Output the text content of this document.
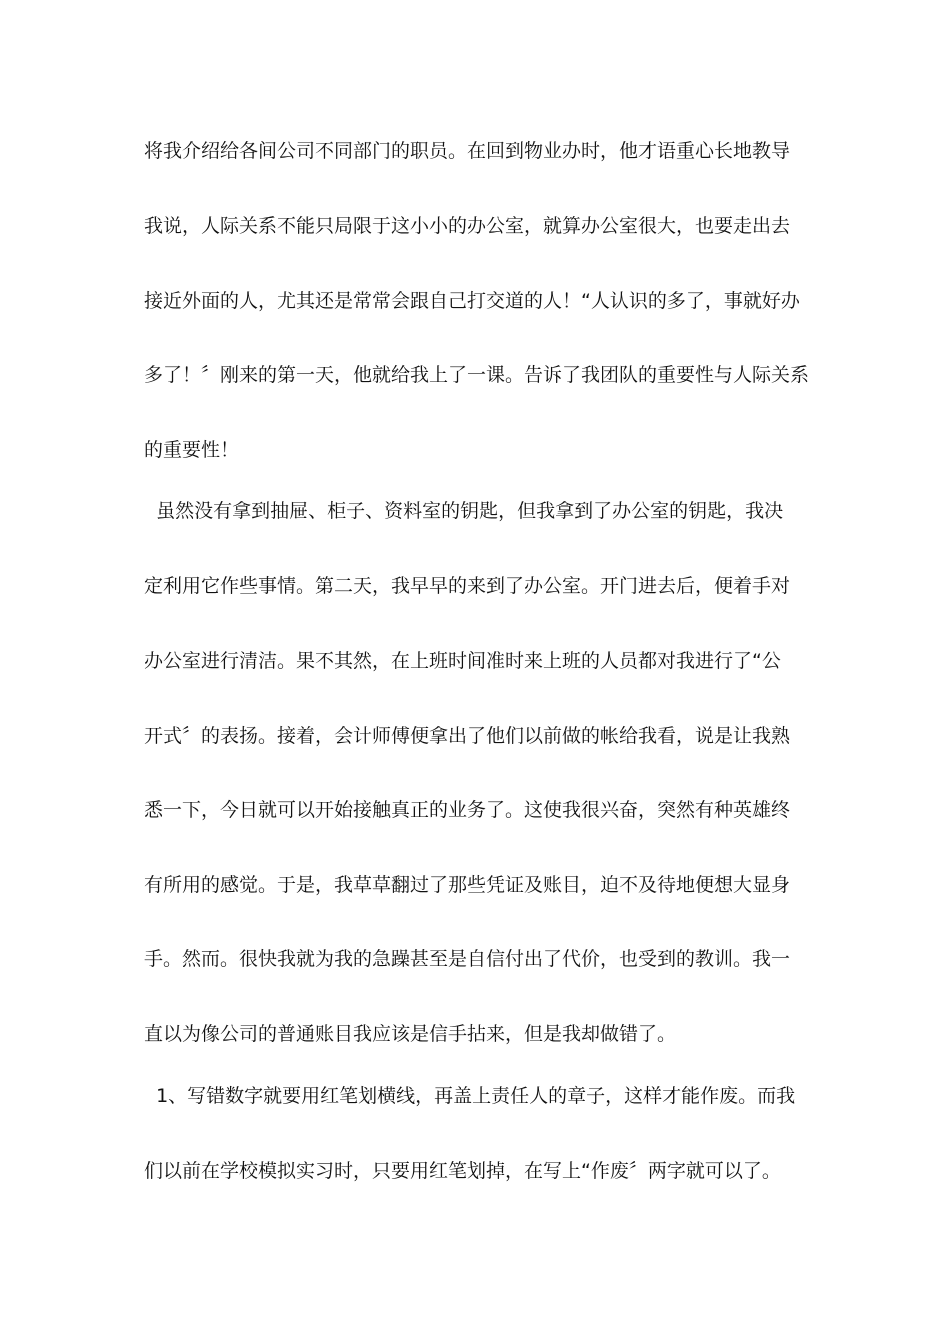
将我介绍给各间公司不同部门的职员。在回到物业办时，他才语重心长地教导
我说，人际关系不能只局限于这小小的办公室，就算办公室很大，也要走出去
接近外面的人，尤其还是常常会跟自己打交道的人！“人认识的多了，事就好办
多了！〞刚来的第一天，他就给我上了一课。告诉了我团队的重要性与人际关系
的重要性！
虽然没有拿到抽屉、柜子、资料室的钥匙，但我拿到了办公室的钥匙，我决
定利用它作些事情。第二天，我早早的来到了办公室。开门进去后，便着手对
办公室进行清洁。果不其然，在上班时间准时来上班的人员都对我进行了“公
开式〞的表扬。接着，会计师傅便拿出了他们以前做的帐给我看，说是让我熟
悉一下，今日就可以开始接触真正的业务了。这使我很兴奋，突然有种英雄终
有所用的感觉。于是，我草草翻过了那些凭证及账目，迫不及待地便想大显身
手。然而。很快我就为我的急躁甚至是自信付出了代价，也受到的教训。我一
直以为像公司的普通账目我应该是信手拈来，但是我却做错了。
1、写错数字就要用红笔划横线，再盖上责任人的章子，这样才能作废。而我
们以前在学校模拟实习时，只要用红笔划掉，在写上“作废〞两字就可以了。
